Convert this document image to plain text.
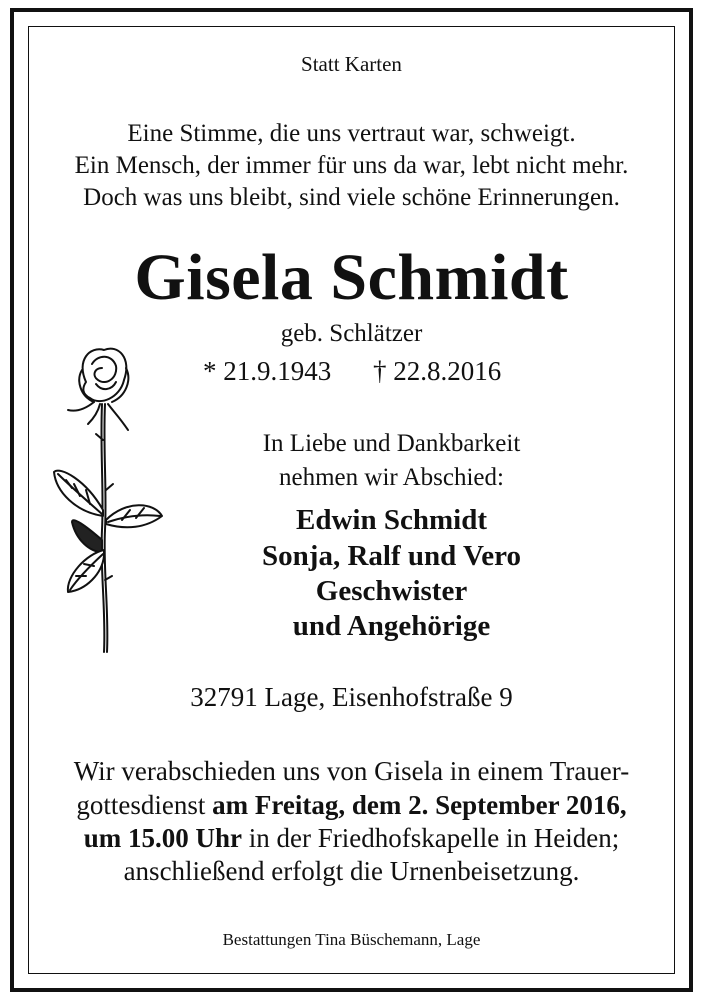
Statt Karten
Eine Stimme, die uns vertraut war, schweigt.
Ein Mensch, der immer für uns da war, lebt nicht mehr.
Doch was uns bleibt, sind viele schöne Erinnerungen.
Gisela Schmidt
geb. Schlätzer
* 21.9.1943 † 22.8.2016
In Liebe und Dankbarkeit
nehmen wir Abschied:
Edwin Schmidt
Sonja, Ralf und Vero
Geschwister
und Angehörige
32791 Lage, Eisenhofstraße 9
Wir verabschieden uns von Gisela in einem Trauer-
gottesdienst am Freitag, dem 2. September 2016,
um 15.00 Uhr in der Friedhofskapelle in Heiden;
anschließend erfolgt die Urnenbeisetzung.
Bestattungen Tina Büschemann, Lage
